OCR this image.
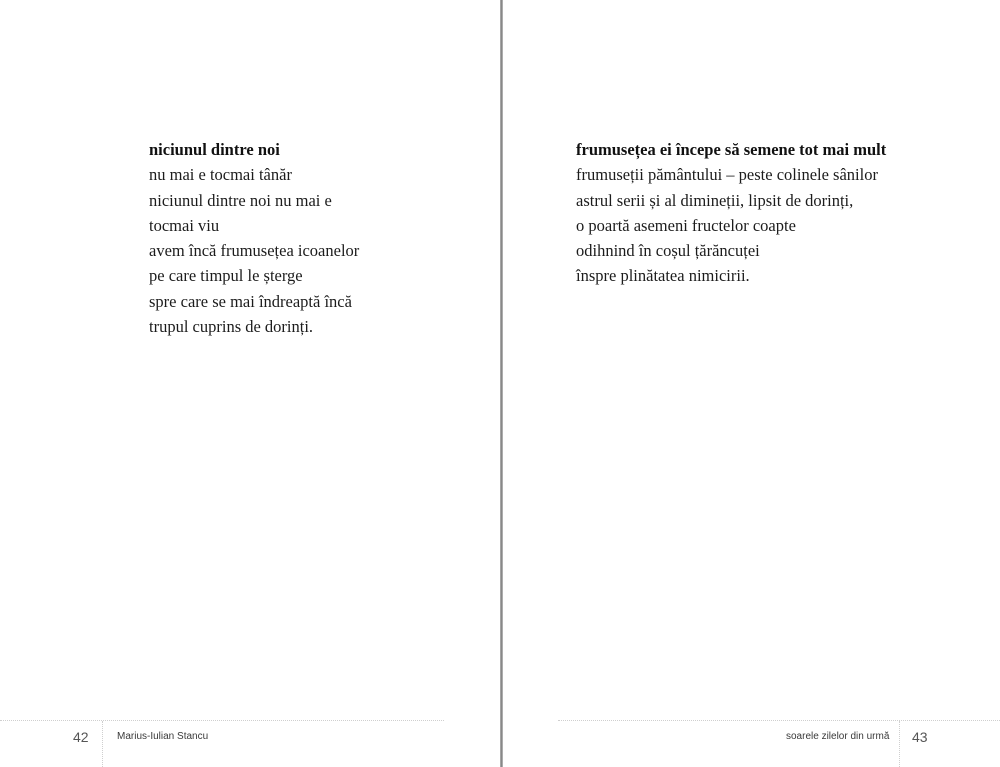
niciunul dintre noi
nu mai e tocmai tânăr
niciunul dintre noi nu mai e
tocmai viu
avem încă frumusețea icoanelor
pe care timpul le șterge
spre care se mai îndreaptă încă
trupul cuprins de dorinți.
42	Marius-Iulian Stancu
frumusețea ei începe să semene tot mai mult
frumuseții pământului – peste colinele sânilor
astrul serii și al dimineții, lipsit de dorinți,
o poartă asemeni fructelor coapte
odihnind în coșul țărăncuței
înspre plinătatea nimicirii.
soarele zilelor din urmă 43
